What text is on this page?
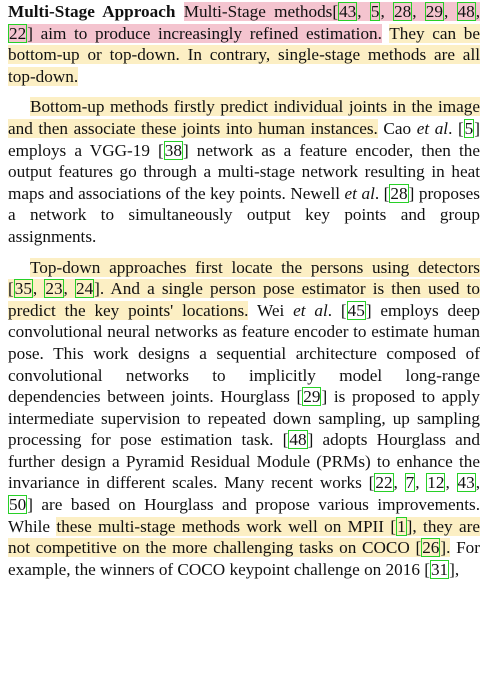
Multi-Stage Approach Multi-Stage methods[43, 5, 28, 29, 48, 22] aim to produce increasingly refined estimation. They can be bottom-up or top-down. In contrary, single-stage methods are all top-down.

Bottom-up methods firstly predict individual joints in the image and then associate these joints into human instances. Cao et al. [5] employs a VGG-19 [38] network as a feature encoder, then the output features go through a multi-stage network resulting in heat maps and associations of the key points. Newell et al. [28] proposes a network to simultaneously output key points and group assignments.

Top-down approaches first locate the persons using detectors [35, 23, 24]. And a single person pose estimator is then used to predict the key points' locations. Wei et al. [45] employs deep convolutional neural networks as feature encoder to estimate human pose. This work designs a sequential architecture composed of convolutional networks to implicitly model long-range dependencies between joints. Hourglass [29] is proposed to apply intermediate supervision to repeated down sampling, up sampling processing for pose estimation task. [48] adopts Hourglass and further design a Pyramid Residual Module (PRMs) to enhance the invariance in different scales. Many recent works [22, 7, 12, 43, 50] are based on Hourglass and propose various improvements. While these multi-stage methods work well on MPII [1], they are not competitive on the more challenging tasks on COCO [26]. For example, the winners of COCO keypoint challenge on 2016 [31],
